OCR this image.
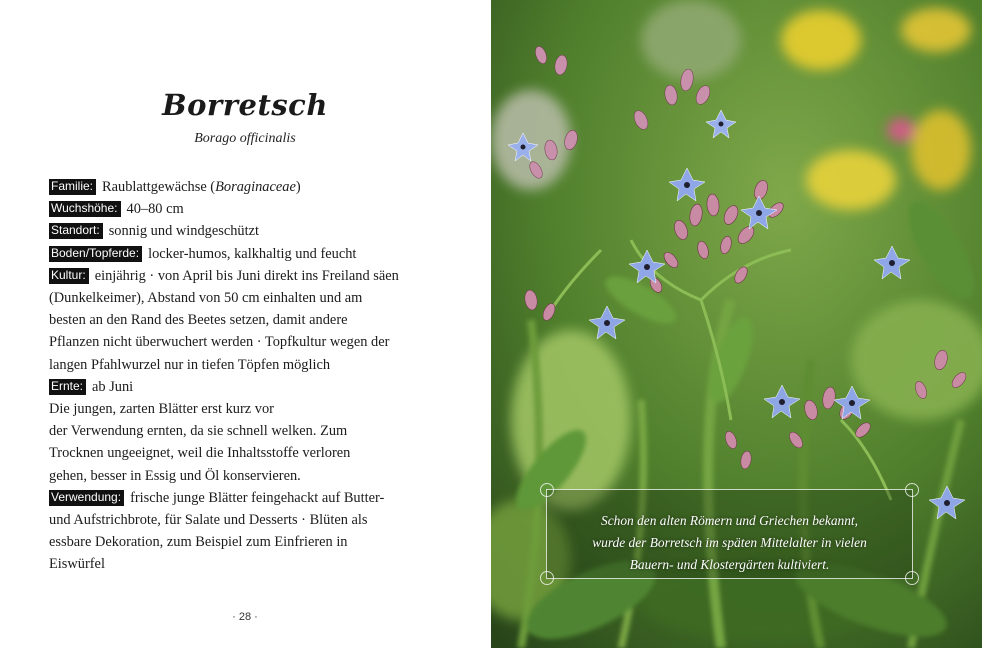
Borretsch
Borago officinalis
Familie: Raublattgewächse (Boraginaceae)
Wuchshöhe: 40–80 cm
Standort: sonnig und windgeschützt
Boden/Topferde: locker-humos, kalkhaltig und feucht
Kultur: einjährig · von April bis Juni direkt ins Freiland säen
(Dunkelkeimer), Abstand von 50 cm einhalten und am
besten an den Rand des Beetes setzen, damit andere
Pflanzen nicht überwuchert werden · Topfkultur wegen der
langen Pfahlwurzel nur in tiefen Töpfen möglich
Ernte: ab Juni
Die jungen, zarten Blätter erst kurz vor
der Verwendung ernten, da sie schnell welken. Zum
Trocknen ungeeignet, weil die Inhaltsstoffe verloren
gehen, besser in Essig und Öl konservieren.
Verwendung: frische junge Blätter feingehackt auf Butter-
und Aufstrichbrote, für Salate und Desserts · Blüten als
essbare Dekoration, zum Beispiel zum Einfrieren in
Eiswürfel
· 28 ·
Schon den alten Römern und Griechen bekannt,
wurde der Borretsch im späten Mittelalter in vielen
Bauern- und Klostergärten kultiviert.
